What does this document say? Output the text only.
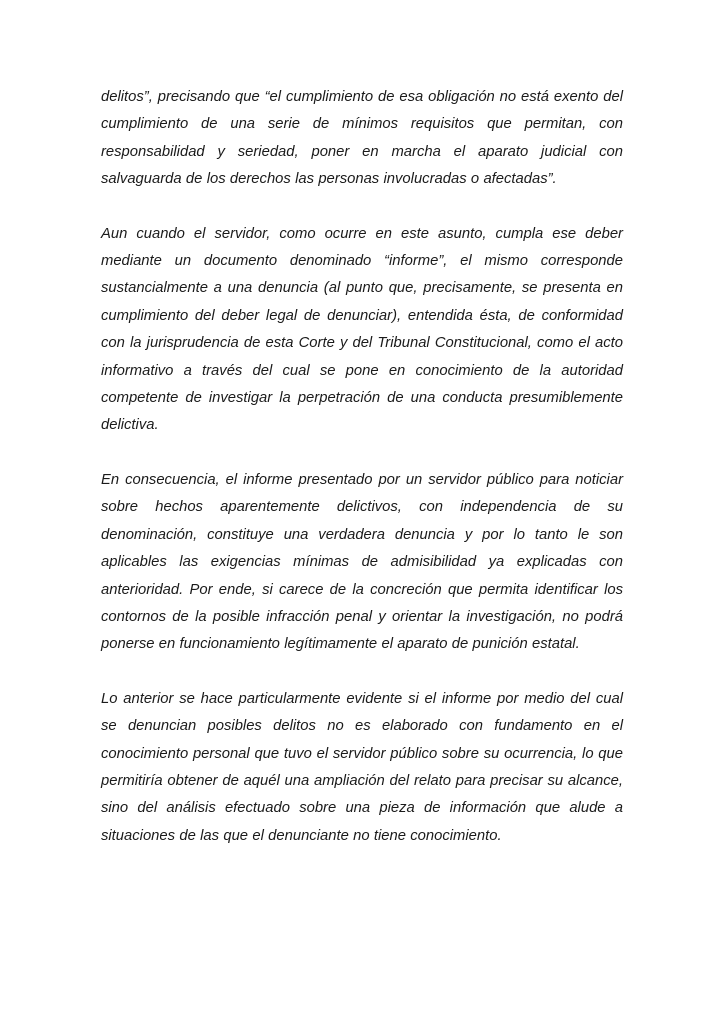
delitos”, precisando que “el cumplimiento de esa obligación no está exento del cumplimiento de una serie de mínimos requisitos que permitan, con responsabilidad y seriedad, poner en marcha el aparato judicial con salvaguarda de los derechos las personas involucradas o afectadas”.

Aun cuando el servidor, como ocurre en este asunto, cumpla ese deber mediante un documento denominado “informe”, el mismo corresponde sustancialmente a una denuncia (al punto que, precisamente, se presenta en cumplimiento del deber legal de denunciar), entendida ésta, de conformidad con la jurisprudencia de esta Corte y del Tribunal Constitucional, como el acto informativo a través del cual se pone en conocimiento de la autoridad competente de investigar la perpetración de una conducta presumiblemente delictiva.

En consecuencia, el informe presentado por un servidor público para noticiar sobre hechos aparentemente delictivos, con independencia de su denominación, constituye una verdadera denuncia y por lo tanto le son aplicables las exigencias mínimas de admisibilidad ya explicadas con anterioridad. Por ende, si carece de la concreción que permita identificar los contornos de la posible infracción penal y orientar la investigación, no podrá ponerse en funcionamiento legítimamente el aparato de punición estatal.

Lo anterior se hace particularmente evidente si el informe por medio del cual se denuncian posibles delitos no es elaborado con fundamento en el conocimiento personal que tuvo el servidor público sobre su ocurrencia, lo que permitiría obtener de aquél una ampliación del relato para precisar su alcance, sino del análisis efectuado sobre una pieza de información que alude a situaciones de las que el denunciante no tiene conocimiento.
